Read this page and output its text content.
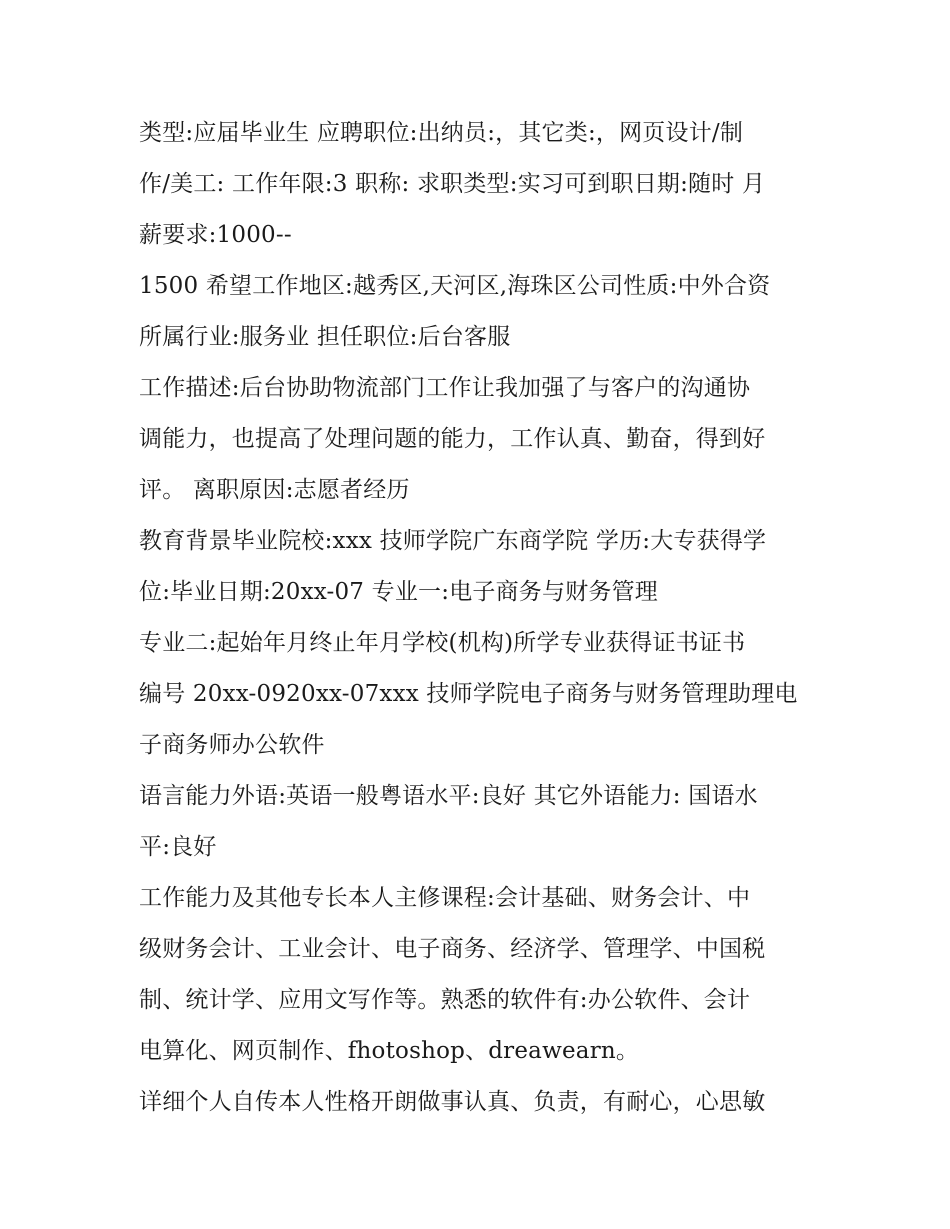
类型:应届毕业生 应聘职位:出纳员:，其它类:，网页设计/制
作/美工: 工作年限:3 职称: 求职类型:实习可到职日期:随时 月
薪要求:1000--
1500 希望工作地区:越秀区,天河区,海珠区公司性质:中外合资
所属行业:服务业 担任职位:后台客服
工作描述:后台协助物流部门工作让我加强了与客户的沟通协
调能力，也提高了处理问题的能力，工作认真、勤奋，得到好
评。 离职原因:志愿者经历
教育背景毕业院校:xxx 技师学院广东商学院 学历:大专获得学
位:毕业日期:20xx-07 专业一:电子商务与财务管理
专业二:起始年月终止年月学校(机构)所学专业获得证书证书
编号 20xx-0920xx-07xxx 技师学院电子商务与财务管理助理电
子商务师办公软件
语言能力外语:英语一般粤语水平:良好 其它外语能力: 国语水
平:良好
工作能力及其他专长本人主修课程:会计基础、财务会计、中
级财务会计、工业会计、电子商务、经济学、管理学、中国税
制、统计学、应用文写作等。熟悉的软件有:办公软件、会计
电算化、网页制作、fhotoshop、dreawearn。
详细个人自传本人性格开朗做事认真、负责，有耐心，心思敏
